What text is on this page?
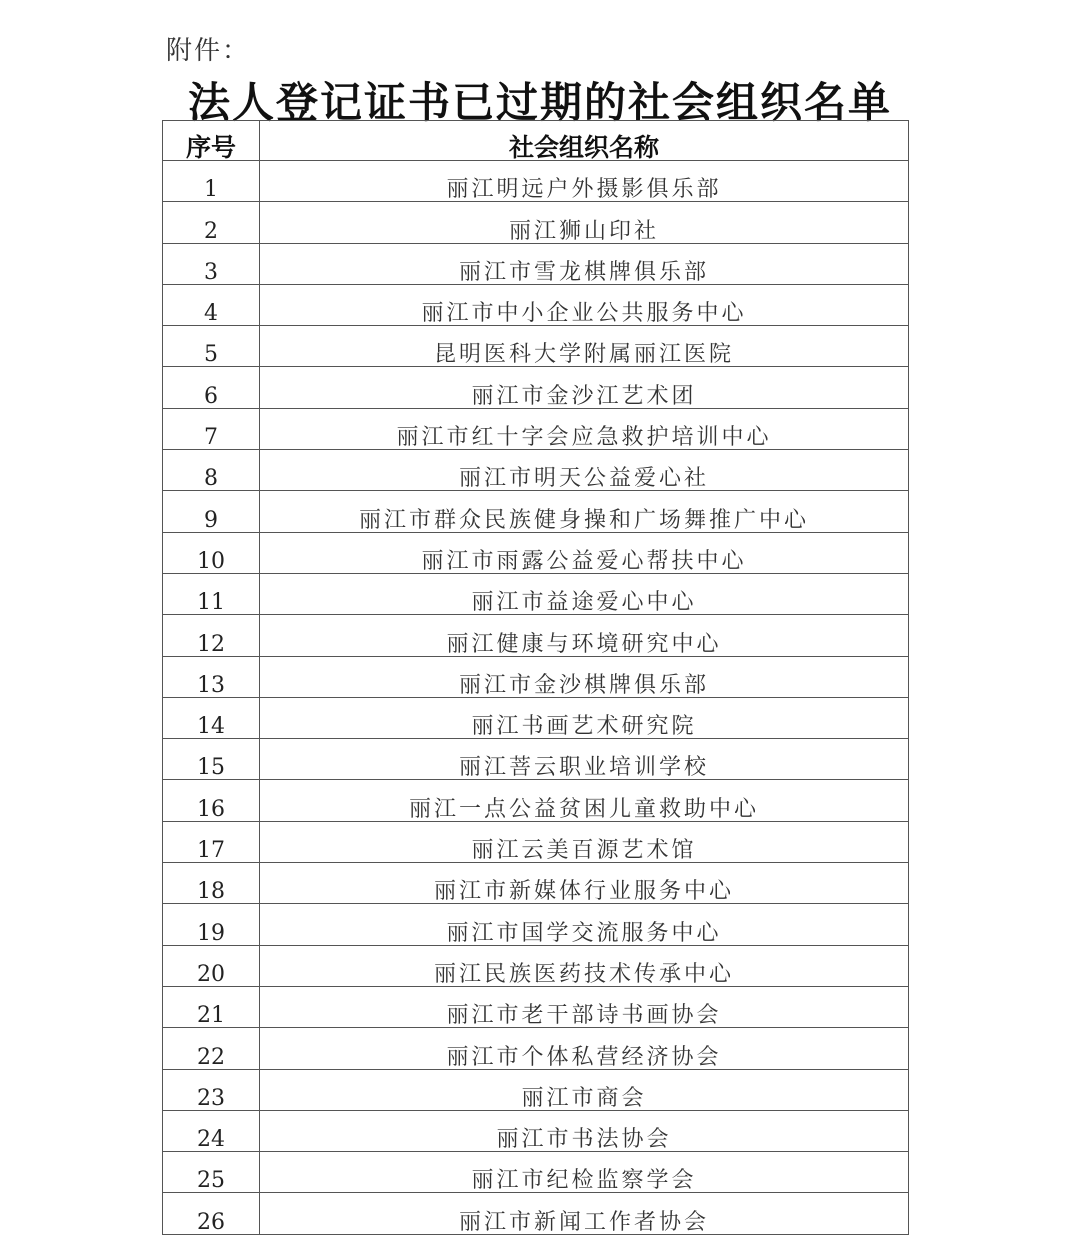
附件：
法人登记证书已过期的社会组织名单
序号	社会组织名称
1	丽江明远户外摄影俱乐部
2	丽江狮山印社
3	丽江市雪龙棋牌俱乐部
4	丽江市中小企业公共服务中心
5	昆明医科大学附属丽江医院
6	丽江市金沙江艺术团
7	丽江市红十字会应急救护培训中心
8	丽江市明天公益爱心社
9	丽江市群众民族健身操和广场舞推广中心
10	丽江市雨露公益爱心帮扶中心
11	丽江市益途爱心中心
12	丽江健康与环境研究中心
13	丽江市金沙棋牌俱乐部
14	丽江书画艺术研究院
15	丽江菩云职业培训学校
16	丽江一点公益贫困儿童救助中心
17	丽江云美百源艺术馆
18	丽江市新媒体行业服务中心
19	丽江市国学交流服务中心
20	丽江民族医药技术传承中心
21	丽江市老干部诗书画协会
22	丽江市个体私营经济协会
23	丽江市商会
24	丽江市书法协会
25	丽江市纪检监察学会
26	丽江市新闻工作者协会
